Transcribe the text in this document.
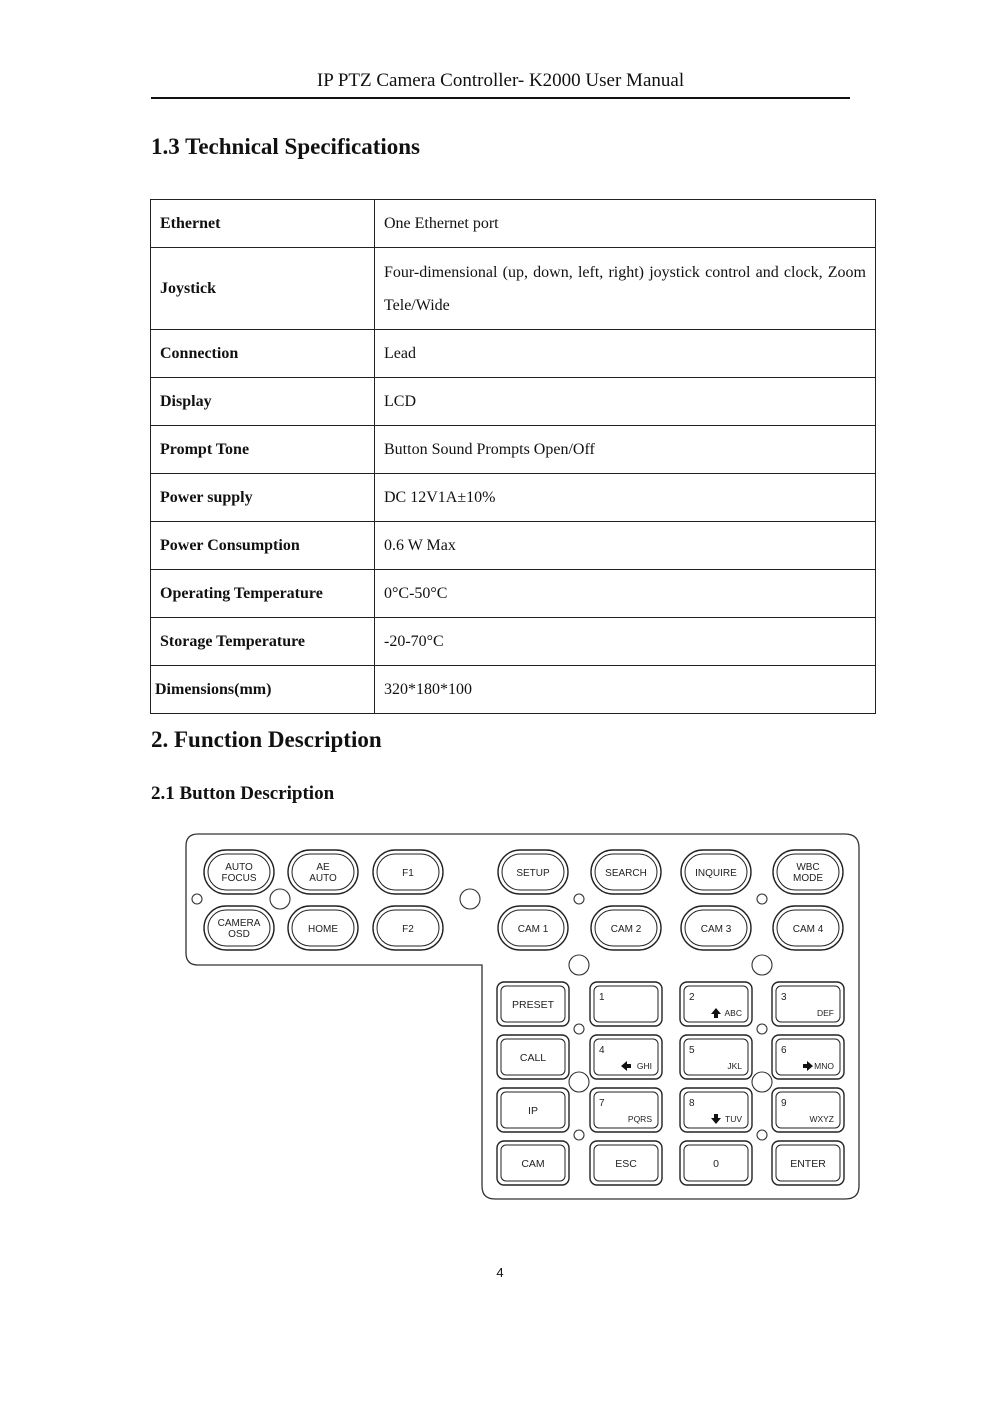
IP PTZ Camera Controller- K2000 User Manual
1.3 Technical Specifications
Ethernet	One Ethernet port
Joystick	Four-dimensional (up, down, left, right) joystick control and clock, Zoom Tele/Wide
Connection	Lead
Display	LCD
Prompt Tone	Button Sound Prompts Open/Off
Power supply	DC 12V1A±10%
Power Consumption	0.6 W Max
Operating Temperature	0°C-50°C
Storage Temperature	-20-70°C
Dimensions(mm)	320*180*100
2. Function Description
2.1 Button Description
AUTO
FOCUS
AE
AUTO	F1
CAMERA
OSD	HOME	F2
SETUP	SEARCH	INQUIRE
WBC
MODE
CAM 1	CAM 2	CAM 3	CAM 4
PRESET
1	2
ABC
3
DEF
CALL
4
GHI
5
JKL
6
MNO
IP
7
PQRS
8
TUV
9
WXYZ
CAM	ESC	0	ENTER
4
